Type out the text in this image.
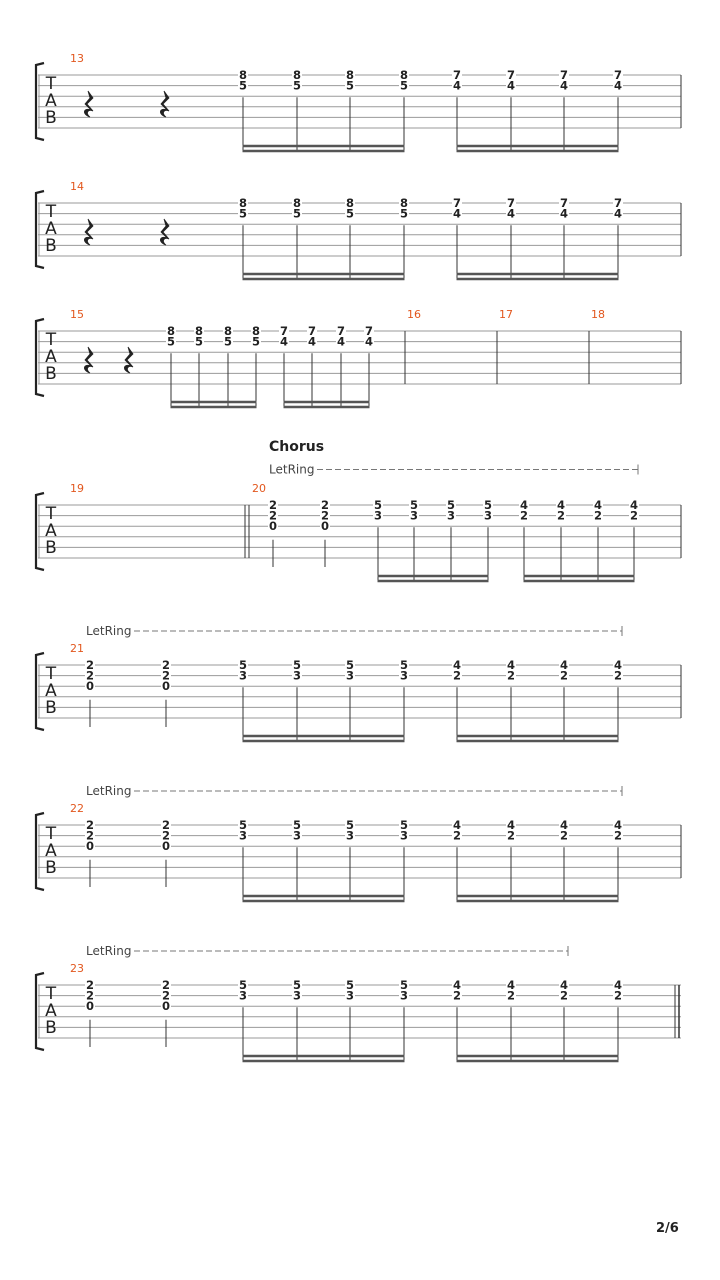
T
A
B
13
8
5
8
5
8
5
8
5
7
4
7
4
7
4
7
4
T
A
B
14
8
5
8
5
8
5
8
5
7
4
7
4
7
4
7
4
T
A
B
15
8
5
8
5
8
5
8
5
7
4
7
4
7
4
7
4
16	17	18
T
A
B
Chorus
LetRing
19	20
2
2
0
2
2
0
5
3
5
3
5
3
5
3
4
2
4
2
4
2
4
2
T
A
B
21
LetRing
2
2
0
2
2
0
5
3
5
3
5
3
5
3
4
2
4
2
4
2
4
2
T
A
B
22
LetRing
2
2
0
2
2
0
5
3
5
3
5
3
5
3
4
2
4
2
4
2
4
2
T
A
B
23
LetRing
2
2
0
2
2
0
5
3
5
3
5
3
5
3
4
2
4
2
4
2
4
2
2/6
